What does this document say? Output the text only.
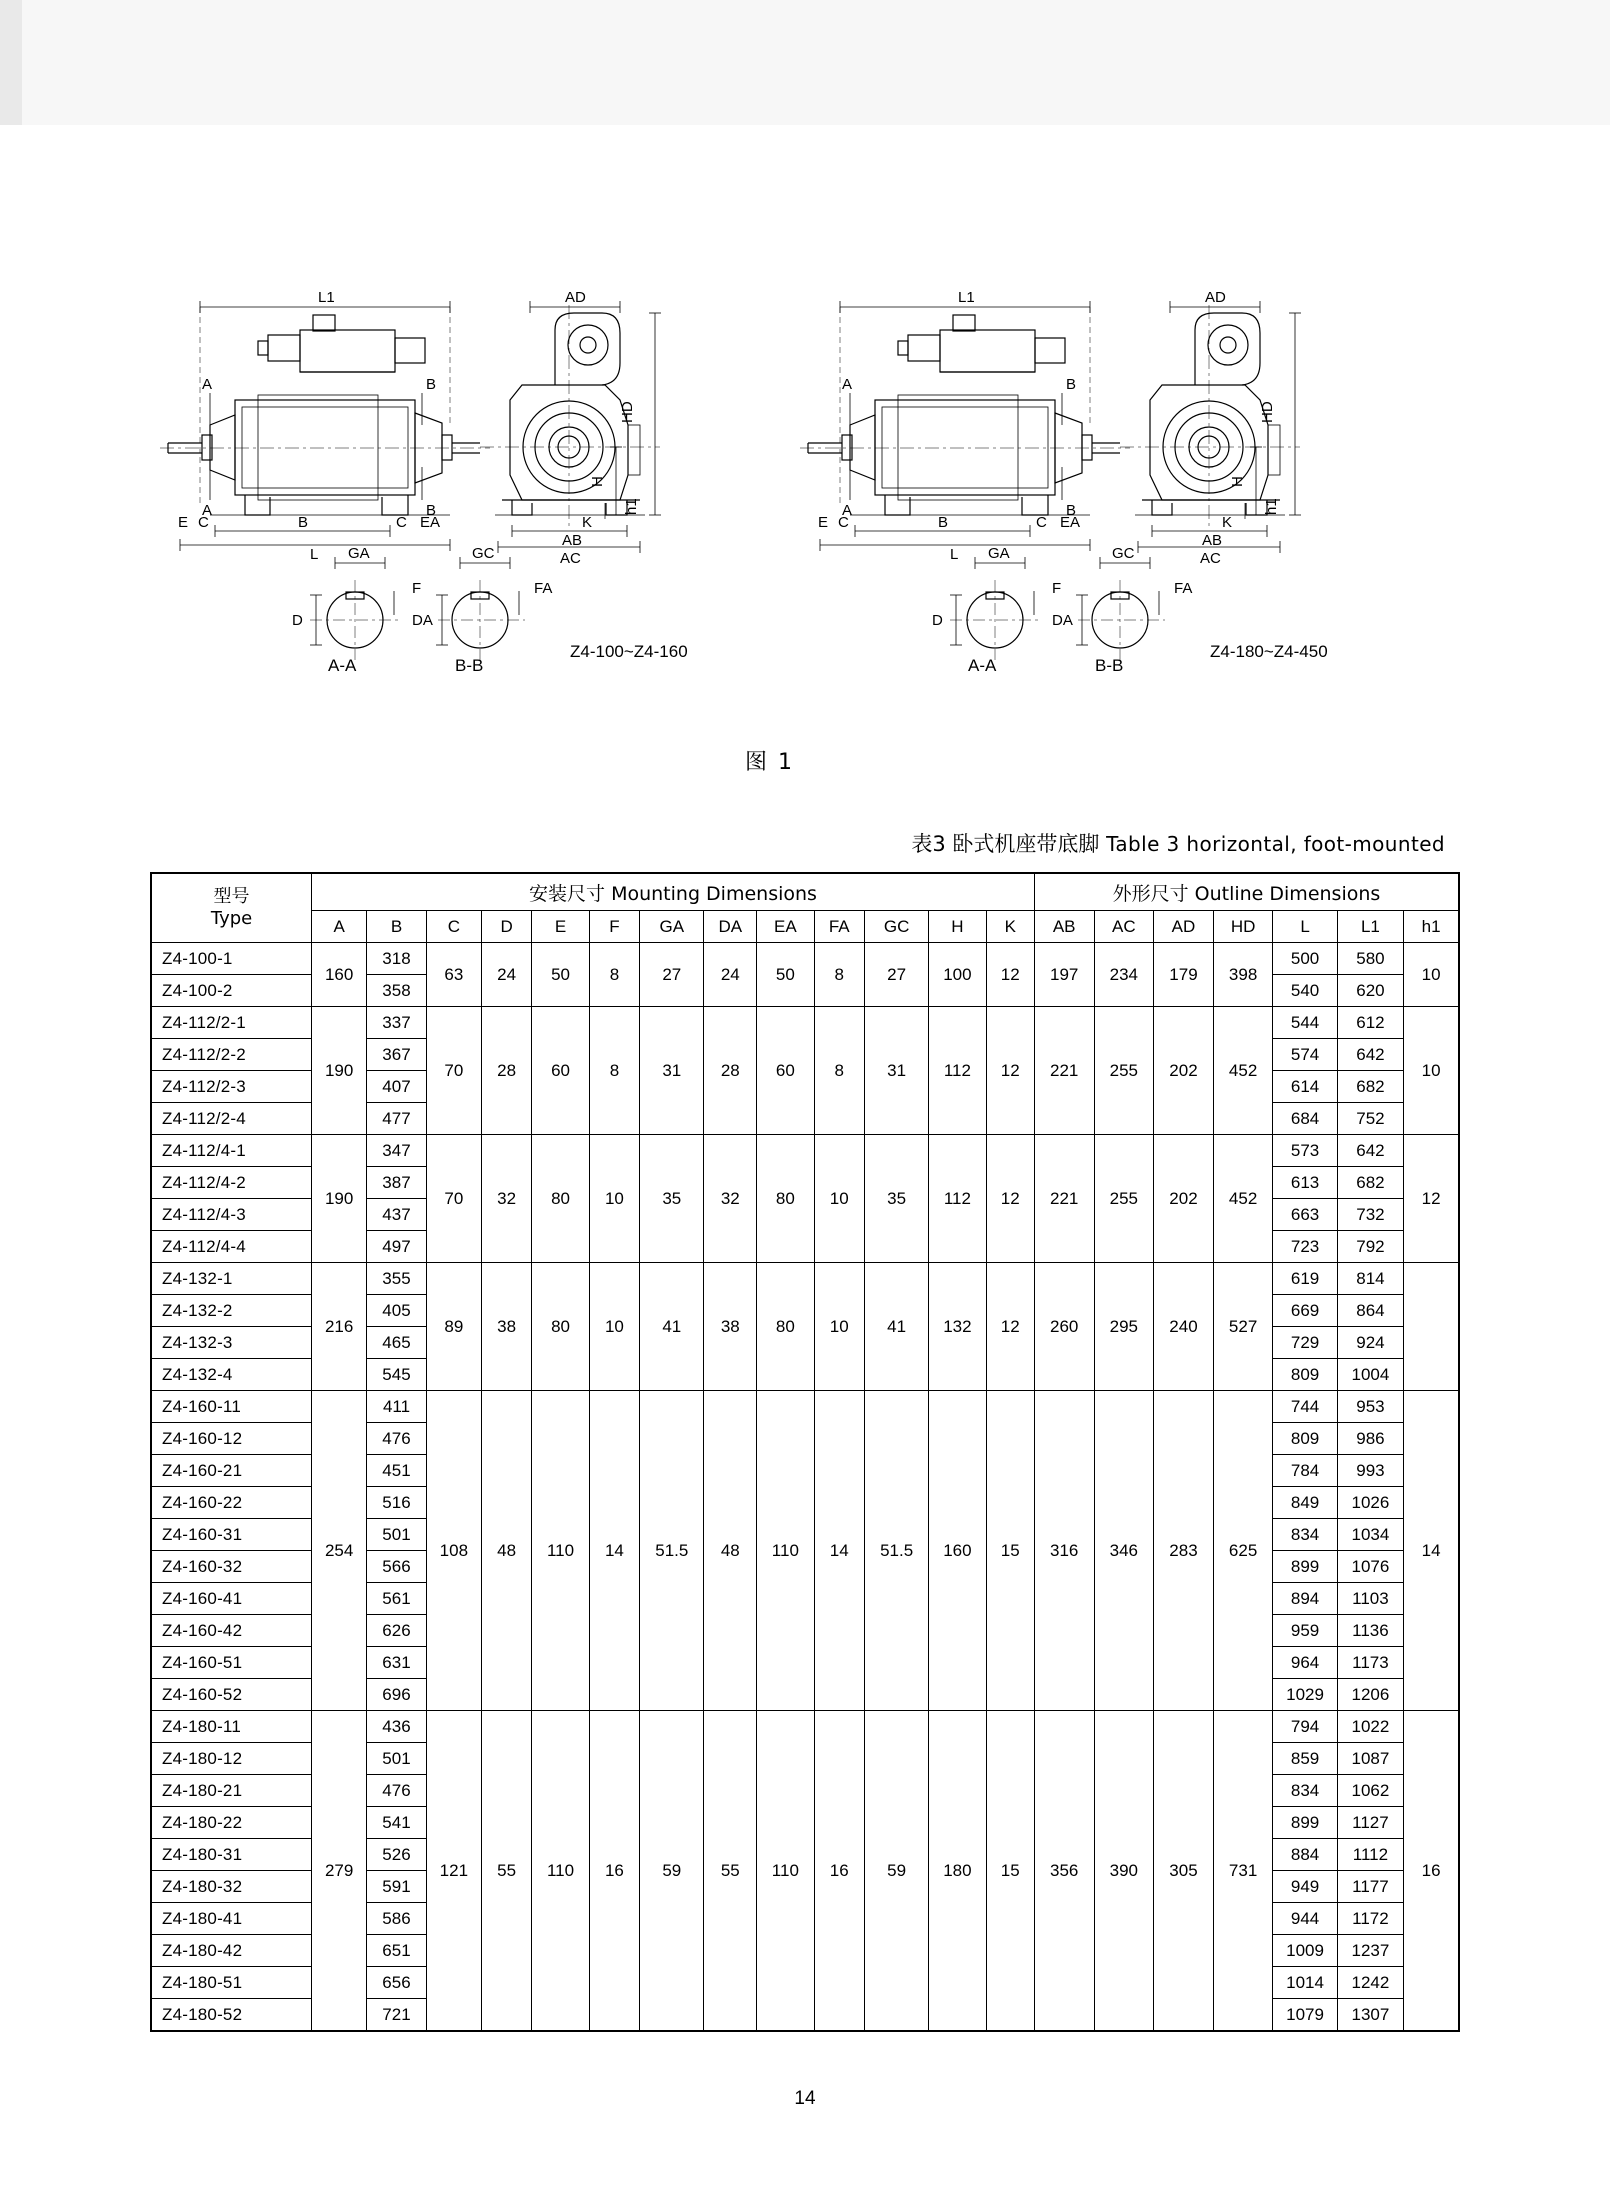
L1	AD
HD
H
A
A
B
B
E C	B	C EA
L
K
h1
AB
AC
GA	GC
D
F
DA
FA
A-A	B-B
Z4-100~Z4-160
L1	AD
HD
H
A
A
B
B
E C	B	C EA
L
K
h1
AB
AC
GA	GC
D
F
DA
FA
A-A	B-B
Z4-180~Z4-450
图 1
表3 卧式机座带底脚 Table 3 horizontal, foot-mounted
型号
Type	安装尺寸 Mounting Dimensions													外形尺寸 Outline Dimensions						
	A	B	C	D	E	F	GA	DA	EA	FA	GC	H	K	AB	AC	AD	HD	L	L1	h1
Z4-100-1	160	318	63	24	50	8	27	24	50	8	27	100	12	197	234	179	398	500	580	10
Z4-100-2		358																540	620	
Z4-112/2-1	190	337	70	28	60	8	31	28	60	8	31	112	12	221	255	202	452	544	612	10
Z4-112/2-2		367																574	642	
Z4-112/2-3		407																614	682	
Z4-112/2-4		477																684	752	
Z4-112/4-1	190	347	70	32	80	10	35	32	80	10	35	112	12	221	255	202	452	573	642	12
Z4-112/4-2		387																613	682	
Z4-112/4-3		437																663	732	
Z4-112/4-4		497																723	792	
Z4-132-1	216	355	89	38	80	10	41	38	80	10	41	132	12	260	295	240	527	619	814	
Z4-132-2		405																669	864	
Z4-132-3		465																729	924	
Z4-132-4		545																809	1004	
Z4-160-11	254	411	108	48	110	14	51.5	48	110	14	51.5	160	15	316	346	283	625	744	953	14
Z4-160-12		476																809	986	
Z4-160-21		451																784	993	
Z4-160-22		516																849	1026	
Z4-160-31		501																834	1034	
Z4-160-32		566																899	1076	
Z4-160-41		561																894	1103	
Z4-160-42		626																959	1136	
Z4-160-51		631																964	1173	
Z4-160-52		696																1029	1206	
Z4-180-11	279	436	121	55	110	16	59	55	110	16	59	180	15	356	390	305	731	794	1022	16
Z4-180-12		501																859	1087	
Z4-180-21		476																834	1062	
Z4-180-22		541																899	1127	
Z4-180-31		526																884	1112	
Z4-180-32		591																949	1177	
Z4-180-41		586																944	1172	
Z4-180-42		651																1009	1237	
Z4-180-51		656																1014	1242	
Z4-180-52		721																1079	1307	
14
